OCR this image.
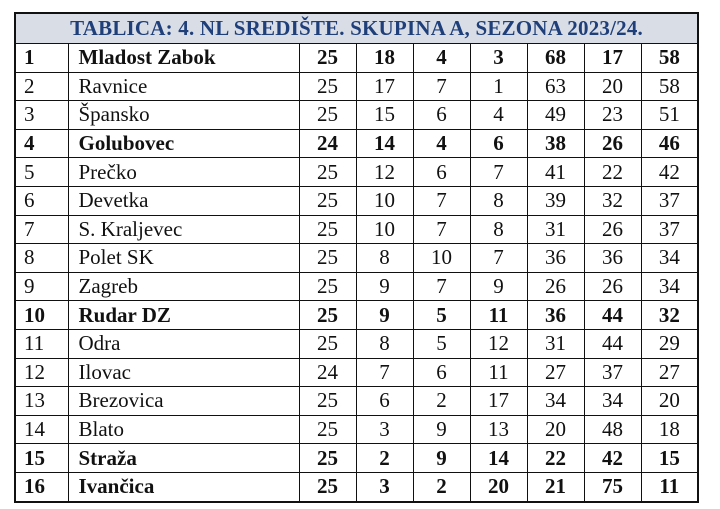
TABLICA: 4. NL SREDIŠTE. SKUPINA A, SEZONA 2023/24.								
1	Mladost Zabok	25	18	4	3	68	17	58
2	Ravnice	25	17	7	1	63	20	58
3	Špansko	25	15	6	4	49	23	51
4	Golubovec	24	14	4	6	38	26	46
5	Prečko	25	12	6	7	41	22	42
6	Devetka	25	10	7	8	39	32	37
7	S. Kraljevec	25	10	7	8	31	26	37
8	Polet SK	25	8	10	7	36	36	34
9	Zagreb	25	9	7	9	26	26	34
10	Rudar DZ	25	9	5	11	36	44	32
11	Odra	25	8	5	12	31	44	29
12	Ilovac	24	7	6	11	27	37	27
13	Brezovica	25	6	2	17	34	34	20
14	Blato	25	3	9	13	20	48	18
15	Straža	25	2	9	14	22	42	15
16	Ivančica	25	3	2	20	21	75	11
